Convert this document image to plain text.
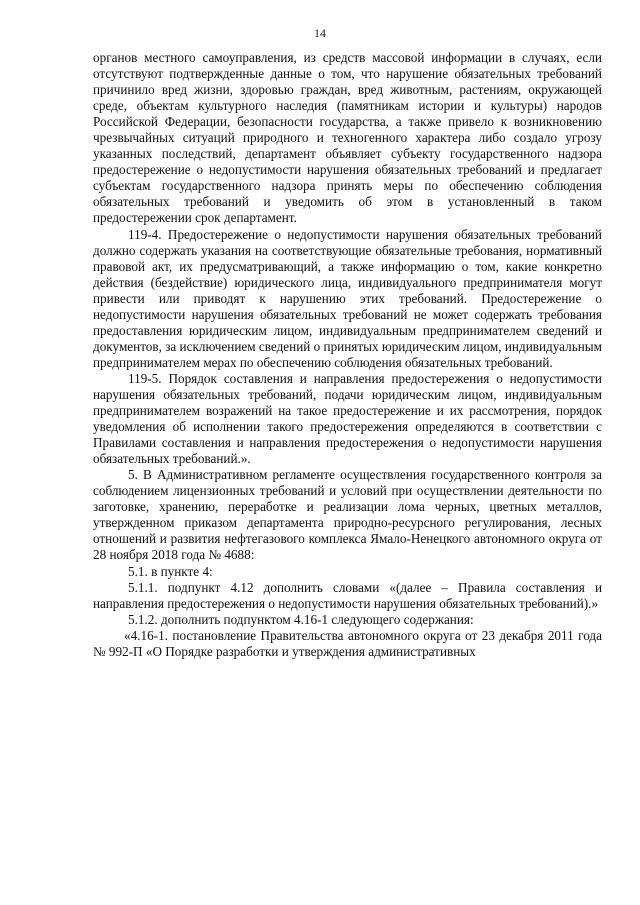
14

органов местного самоуправления, из средств массовой информации в случаях, если отсутствуют подтвержденные данные о том, что нарушение обязательных требований причинило вред жизни, здоровью граждан, вред животным, растениям, окружающей среде, объектам культурного наследия (памятникам истории и культуры) народов Российской Федерации, безопасности государства, а также привело к возникновению чрезвычайных ситуаций природного и техногенного характера либо создало угрозу указанных последствий, департамент объявляет субъекту государственного надзора предостережение о недопустимости нарушения обязательных требований и предлагает субъектам государственного надзора принять меры по обеспечению соблюдения обязательных требований и уведомить об этом в установленный в таком предостережении срок департамент.

119-4. Предостережение о недопустимости нарушения обязательных требований должно содержать указания на соответствующие обязательные требования, нормативный правовой акт, их предусматривающий, а также информацию о том, какие конкретно действия (бездействие) юридического лица, индивидуального предпринимателя могут привести или приводят к нарушению этих требований. Предостережение о недопустимости нарушения обязательных требований не может содержать требования предоставления юридическим лицом, индивидуальным предпринимателем сведений и документов, за исключением сведений о принятых юридическим лицом, индивидуальным предпринимателем мерах по обеспечению соблюдения обязательных требований.

119-5. Порядок составления и направления предостережения о недопустимости нарушения обязательных требований, подачи юридическим лицом, индивидуальным предпринимателем возражений на такое предостережение и их рассмотрения, порядок уведомления об исполнении такого предостережения определяются в соответствии с Правилами составления и направления предостережения о недопустимости нарушения обязательных требований.».

5. В Административном регламенте осуществления государственного контроля за соблюдением лицензионных требований и условий при осуществлении деятельности по заготовке, хранению, переработке и реализации лома черных, цветных металлов, утвержденном приказом департамента природно-ресурсного регулирования, лесных отношений и развития нефтегазового комплекса Ямало-Ненецкого автономного округа от 28 ноября 2018 года № 4688:

5.1. в пункте 4:

5.1.1. подпункт 4.12 дополнить словами «(далее – Правила составления и направления предостережения о недопустимости нарушения обязательных требований).»

5.1.2. дополнить подпунктом 4.16-1 следующего содержания:

«4.16-1. постановление Правительства автономного округа от 23 декабря 2011 года № 992-П «О Порядке разработки и утверждения административных
